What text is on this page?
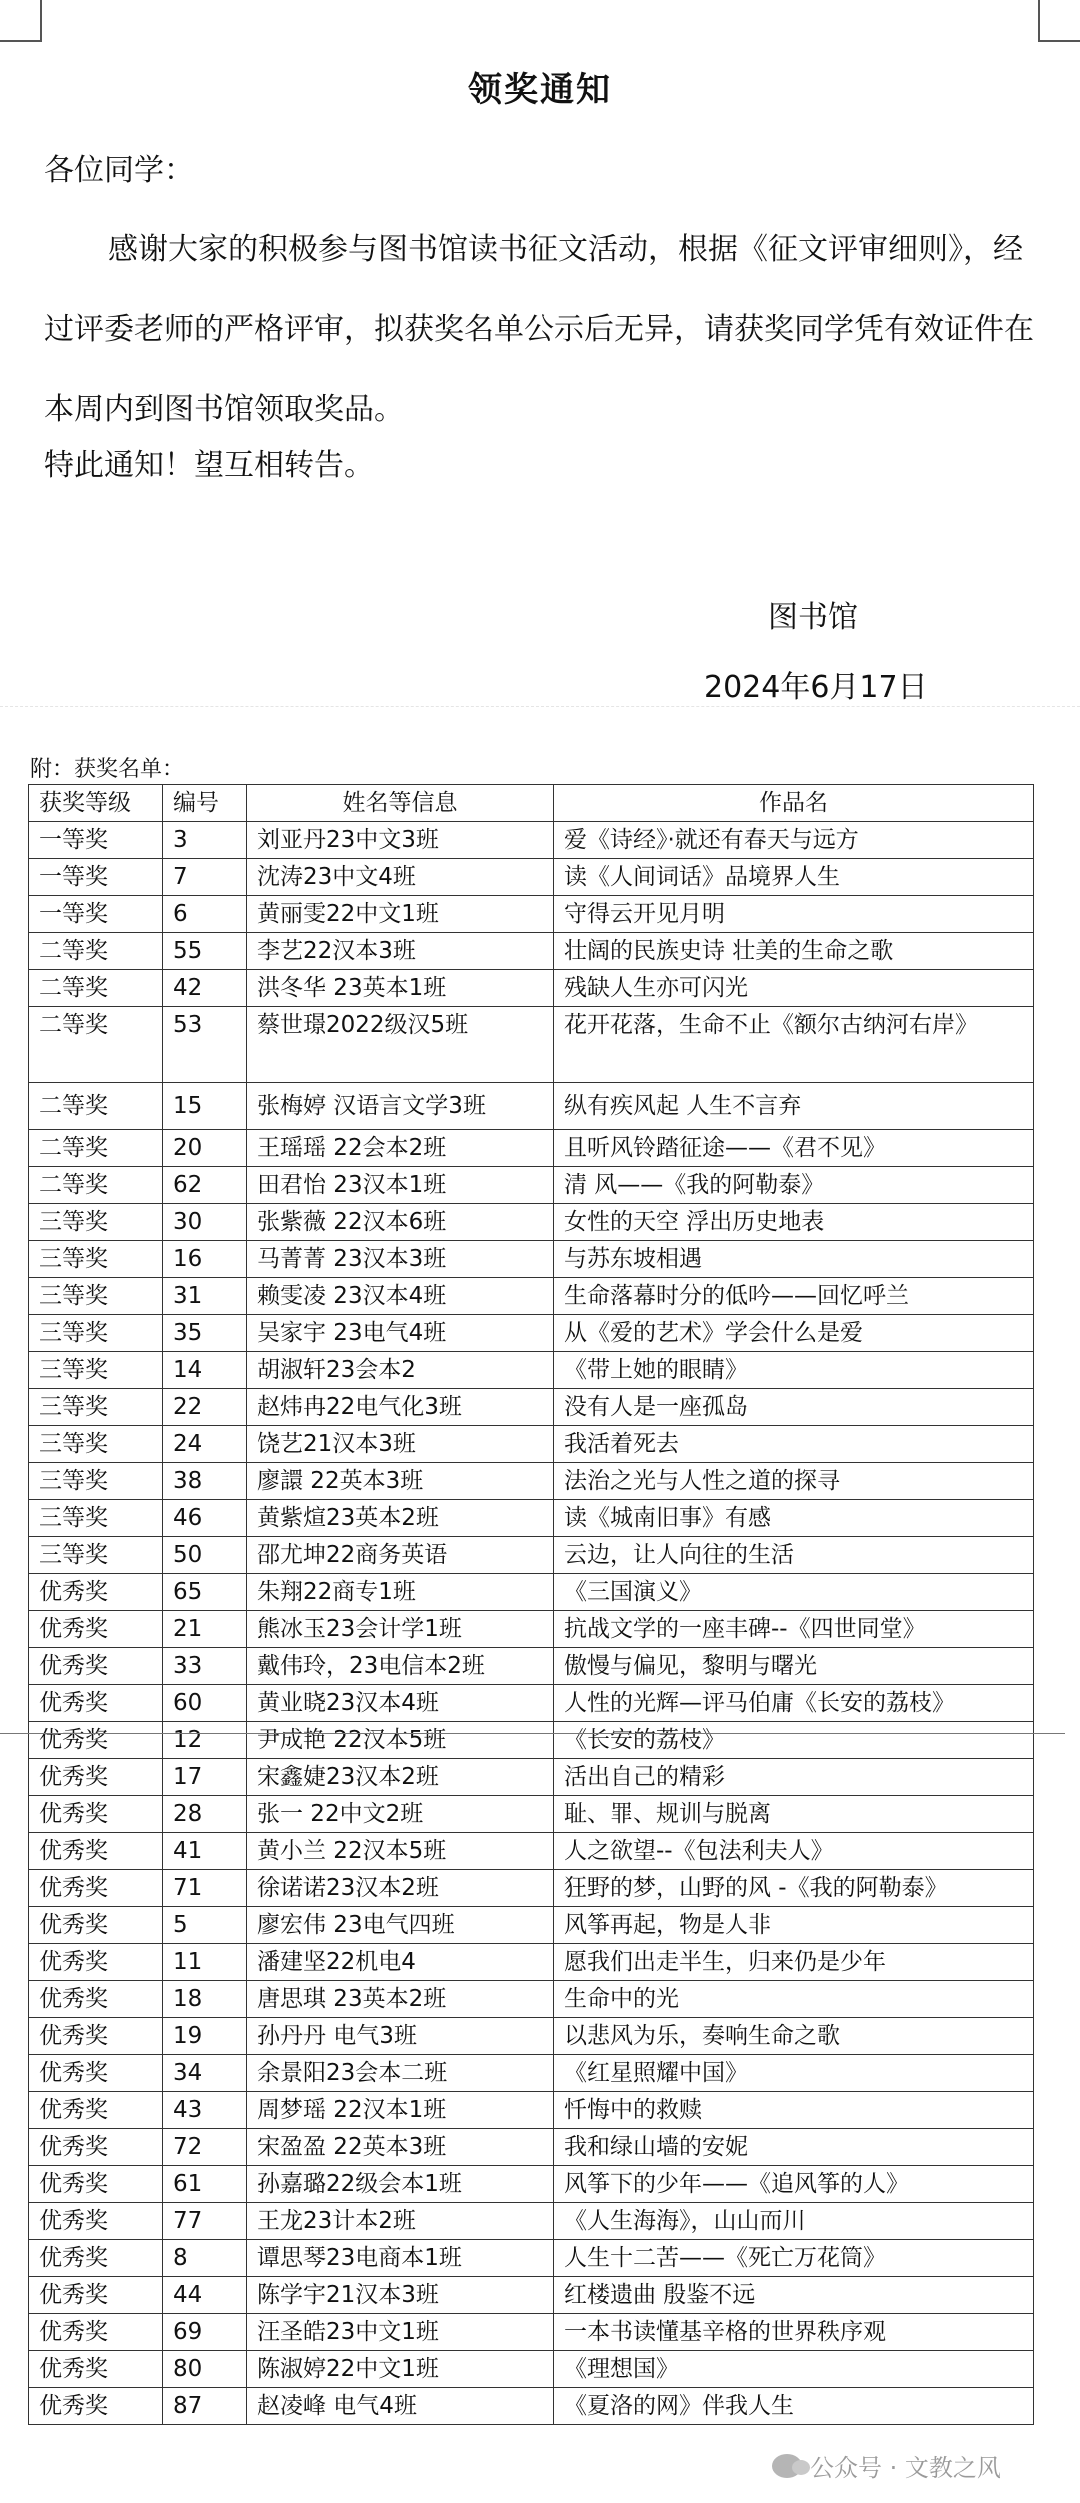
领奖通知
各位同学：
感谢大家的积极参与图书馆读书征文活动，根据《征文评审细则》，经过评委老师的严格评审，拟获奖名单公示后无异，请获奖同学凭有效证件在本周内到图书馆领取奖品。
特此通知！望互相转告。
图书馆
2024年6月17日
附：获奖名单：
获奖等级	编号	姓名等信息	作品名
一等奖	3	刘亚丹23中文3班	爱《诗经》·就还有春天与远方
一等奖	7	沈涛23中文4班	读《人间词话》品境界人生
一等奖	6	黄丽雯22中文1班	守得云开见月明
二等奖	55	李艺22汉本3班	壮阔的民族史诗 壮美的生命之歌
二等奖	42	洪冬华 23英本1班	残缺人生亦可闪光
二等奖	53	蔡世璟2022级汉5班	花开花落，生命不止《额尔古纳河右岸》
二等奖	15	张梅婷 汉语言文学3班	纵有疾风起 人生不言弃
二等奖	20	王瑶瑶 22会本2班	且听风铃踏征途——《君不见》
二等奖	62	田君怡 23汉本1班	清 风——《我的阿勒泰》
三等奖	30	张紫薇 22汉本6班	女性的天空 浮出历史地表
三等奖	16	马菁菁 23汉本3班	与苏东坡相遇
三等奖	31	赖雯凌 23汉本4班	生命落幕时分的低吟——回忆呼兰
三等奖	35	吴家宇 23电气4班	从《爱的艺术》学会什么是爱
三等奖	14	胡淑轩23会本2	《带上她的眼睛》
三等奖	22	赵炜冉22电气化3班	没有人是一座孤岛
三等奖	24	饶艺21汉本3班	我活着死去
三等奖	38	廖譞 22英本3班	法治之光与人性之道的探寻
三等奖	46	黄紫煊23英本2班	读《城南旧事》有感
三等奖	50	邵尤坤22商务英语	云边，让人向往的生活
优秀奖	65	朱翔22商专1班	《三国演义》
优秀奖	21	熊冰玉23会计学1班	抗战文学的一座丰碑--《四世同堂》
优秀奖	33	戴伟玲，23电信本2班	傲慢与偏见，黎明与曙光
优秀奖	60	黄业晓23汉本4班	人性的光辉—评马伯庸《长安的荔枝》
优秀奖	12	尹成艳 22汉本5班	《长安的荔枝》
优秀奖	17	宋鑫婕23汉本2班	活出自己的精彩
优秀奖	28	张一 22中文2班	耻、罪、规训与脱离
优秀奖	41	黄小兰 22汉本5班	人之欲望--《包法利夫人》
优秀奖	71	徐诺诺23汉本2班	狂野的梦，山野的风 -《我的阿勒泰》
优秀奖	5	廖宏伟 23电气四班	风筝再起，物是人非
优秀奖	11	潘建坚22机电4	愿我们出走半生，归来仍是少年
优秀奖	18	唐思琪 23英本2班	生命中的光
优秀奖	19	孙丹丹 电气3班	以悲风为乐，奏响生命之歌
优秀奖	34	余景阳23会本二班	《红星照耀中国》
优秀奖	43	周梦瑶 22汉本1班	忏悔中的救赎
优秀奖	72	宋盈盈 22英本3班	我和绿山墙的安妮
优秀奖	61	孙嘉璐22级会本1班	风筝下的少年——《追风筝的人》
优秀奖	77	王龙23计本2班	《人生海海》，山山而川
优秀奖	8	谭思琴23电商本1班	人生十二苦——《死亡万花筒》
优秀奖	44	陈学宇21汉本3班	红楼遗曲 殷鉴不远
优秀奖	69	汪圣皓23中文1班	一本书读懂基辛格的世界秩序观
优秀奖	80	陈淑婷22中文1班	《理想国》
优秀奖	87	赵凌峰 电气4班	《夏洛的网》伴我人生
公众号 · 文教之风
